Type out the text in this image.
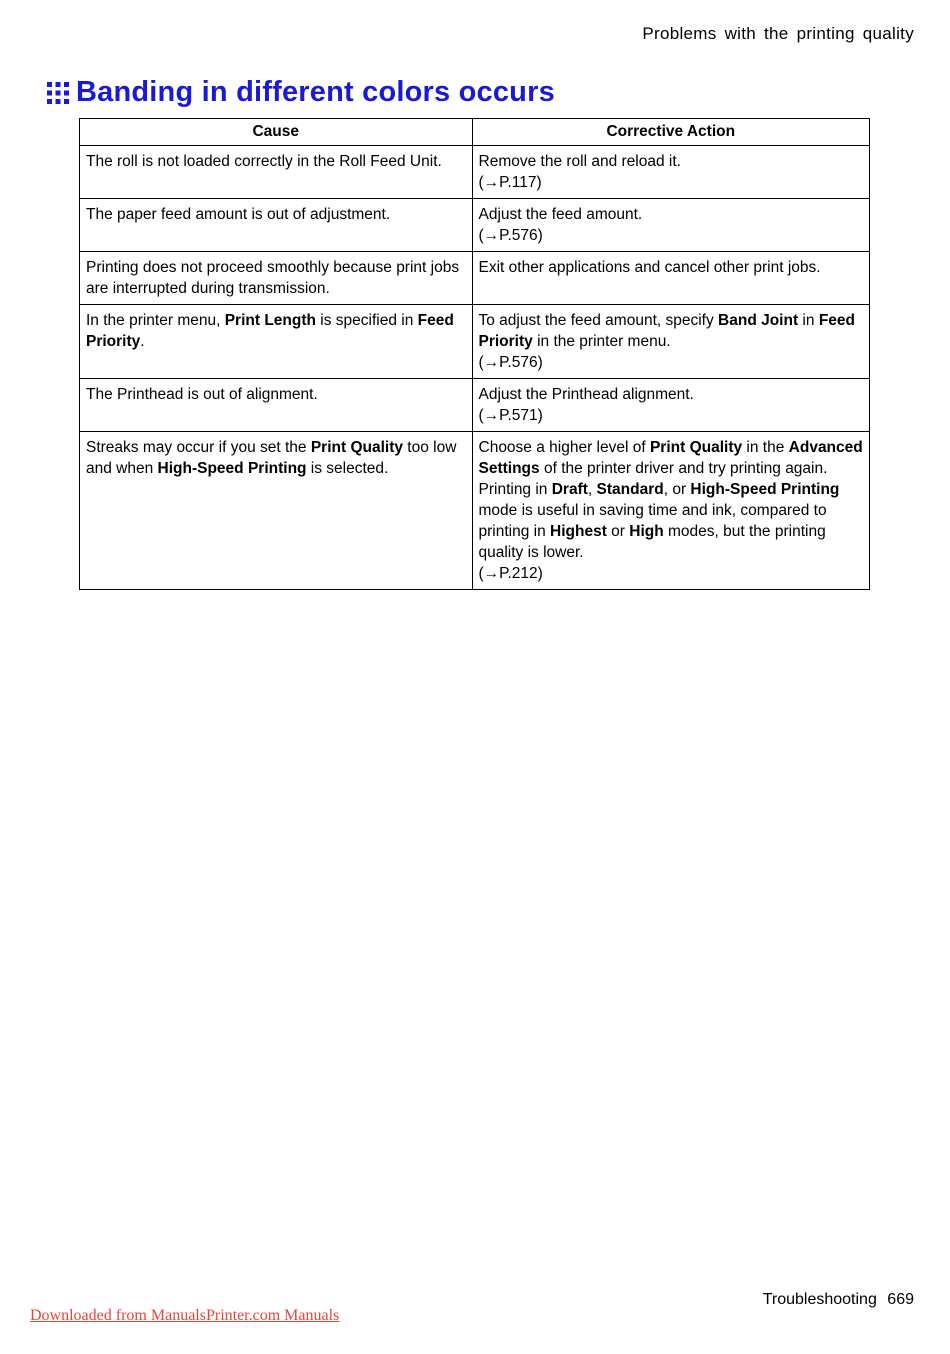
Problems with the printing quality
Banding in different colors occurs
Cause	Corrective Action
The roll is not loaded correctly in the Roll Feed Unit.	Remove the roll and reload it.
(→P.117)

The paper feed amount is out of adjustment.	Adjust the feed amount.
(→P.576)

Printing does not proceed smoothly because print jobs are interrupted during transmission.	Exit other applications and cancel other print jobs.

In the printer menu, Print Length is specified in Feed Priority.	To adjust the feed amount, specify Band Joint in Feed Priority in the printer menu.
(→P.576)

The Printhead is out of alignment.	Adjust the Printhead alignment.
(→P.571)

Streaks may occur if you set the Print Quality too low and when High-Speed Printing is selected.	Choose a higher level of Print Quality in the Advanced Settings of the printer driver and try printing again.
Printing in Draft, Standard, or High-Speed Printing mode is useful in saving time and ink, compared to printing in Highest or High modes, but the printing quality is lower.
(→P.212)
Troubleshooting 669
Downloaded from ManualsPrinter.com Manuals
